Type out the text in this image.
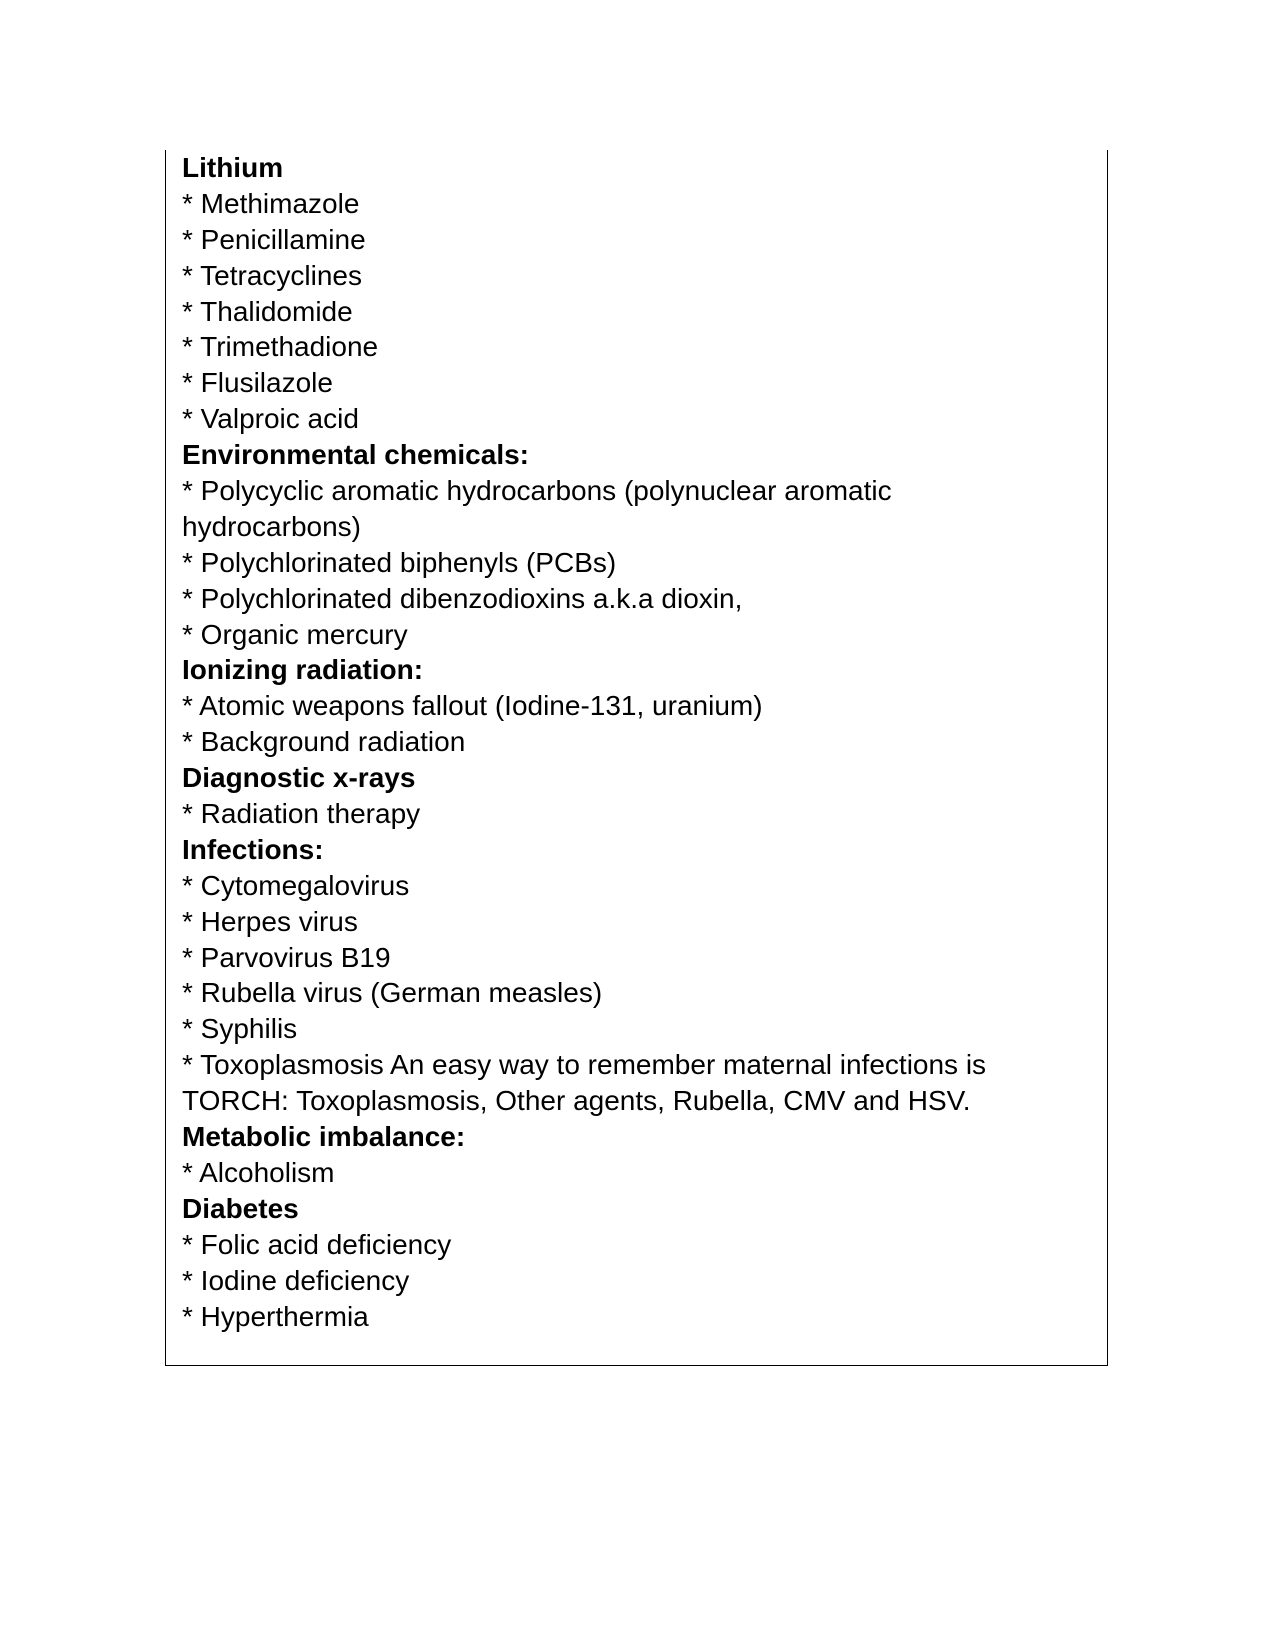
Lithium
* Methimazole
* Penicillamine
* Tetracyclines
* Thalidomide
* Trimethadione
* Flusilazole
* Valproic acid
Environmental chemicals:
* Polycyclic aromatic hydrocarbons (polynuclear aromatic
hydrocarbons)
* Polychlorinated biphenyls (PCBs)
* Polychlorinated dibenzodioxins a.k.a dioxin,
* Organic mercury
Ionizing radiation:
* Atomic weapons fallout (Iodine-131, uranium)
* Background radiation
Diagnostic x-rays
* Radiation therapy
Infections:
* Cytomegalovirus
* Herpes virus
* Parvovirus B19
* Rubella virus (German measles)
* Syphilis
* Toxoplasmosis An easy way to remember maternal infections is
TORCH: Toxoplasmosis, Other agents, Rubella, CMV and HSV.
Metabolic imbalance:
* Alcoholism
Diabetes
* Folic acid deficiency
* Iodine deficiency
* Hyperthermia
